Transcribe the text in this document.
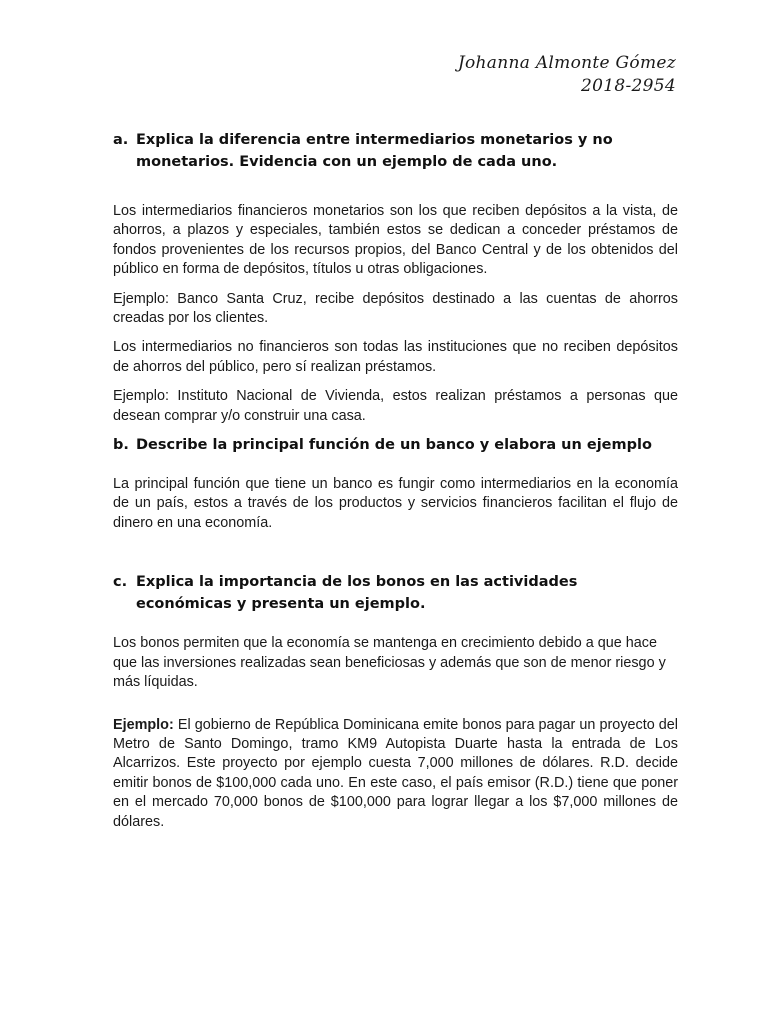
Johanna Almonte Gómez
2018-2954
a. Explica la diferencia entre intermediarios monetarios y no monetarios. Evidencia con un ejemplo de cada uno.

Los intermediarios financieros monetarios son los que reciben depósitos a la vista, de ahorros, a plazos y especiales, también estos se dedican a conceder préstamos de fondos provenientes de los recursos propios, del Banco Central y de los obtenidos del público en forma de depósitos, títulos u otras obligaciones.

Ejemplo: Banco Santa Cruz, recibe depósitos destinado a las cuentas de ahorros creadas por los clientes.

Los intermediarios no financieros son todas las instituciones que no reciben depósitos de ahorros del público, pero sí realizan préstamos.

Ejemplo: Instituto Nacional de Vivienda, estos realizan préstamos a personas que desean comprar y/o construir una casa.

b. Describe la principal función de un banco y elabora un ejemplo

La principal función que tiene un banco es fungir como intermediarios en la economía de un país, estos a través de los productos y servicios financieros facilitan el flujo de dinero en una economía.

c. Explica la importancia de los bonos en las actividades económicas y presenta un ejemplo.

Los bonos permiten que la economía se mantenga en crecimiento debido a que hace que las inversiones realizadas sean beneficiosas y además que son de menor riesgo y más líquidas.

Ejemplo: El gobierno de República Dominicana emite bonos para pagar un proyecto del Metro de Santo Domingo, tramo KM9 Autopista Duarte hasta la entrada de Los Alcarrizos. Este proyecto por ejemplo cuesta 7,000 millones de dólares. R.D. decide emitir bonos de $100,000 cada uno. En este caso, el país emisor (R.D.) tiene que poner en el mercado 70,000 bonos de $100,000 para lograr llegar a los $7,000 millones de dólares.
